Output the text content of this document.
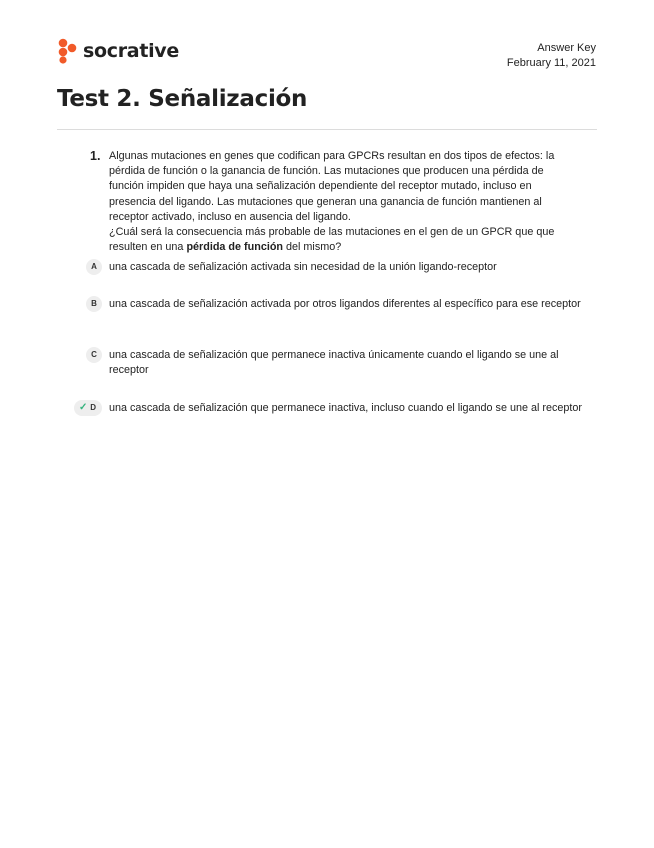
socrative	Answer Key
February 11, 2021
Test 2. Señalización
1. Algunas mutaciones en genes que codifican para GPCRs resultan en dos tipos de efectos: la pérdida de función o la ganancia de función. Las mutaciones que producen una pérdida de función impiden que haya una señalización dependiente del receptor mutado, incluso en presencia del ligando. Las mutaciones que generan una ganancia de función mantienen al receptor activado, incluso en ausencia del ligando.

¿Cuál será la consecuencia más probable de las mutaciones en el gen de un GPCR que que resulten en una pérdida de función del mismo?

A	una cascada de señalización activada sin necesidad de la unión ligando-receptor
B	una cascada de señalización activada por otros ligandos diferentes al específico para ese receptor
C	una cascada de señalización que permanece inactiva únicamente cuando el ligando se une al receptor
✓ D una cascada de señalización que permanece inactiva, incluso cuando el ligando se une al receptor
